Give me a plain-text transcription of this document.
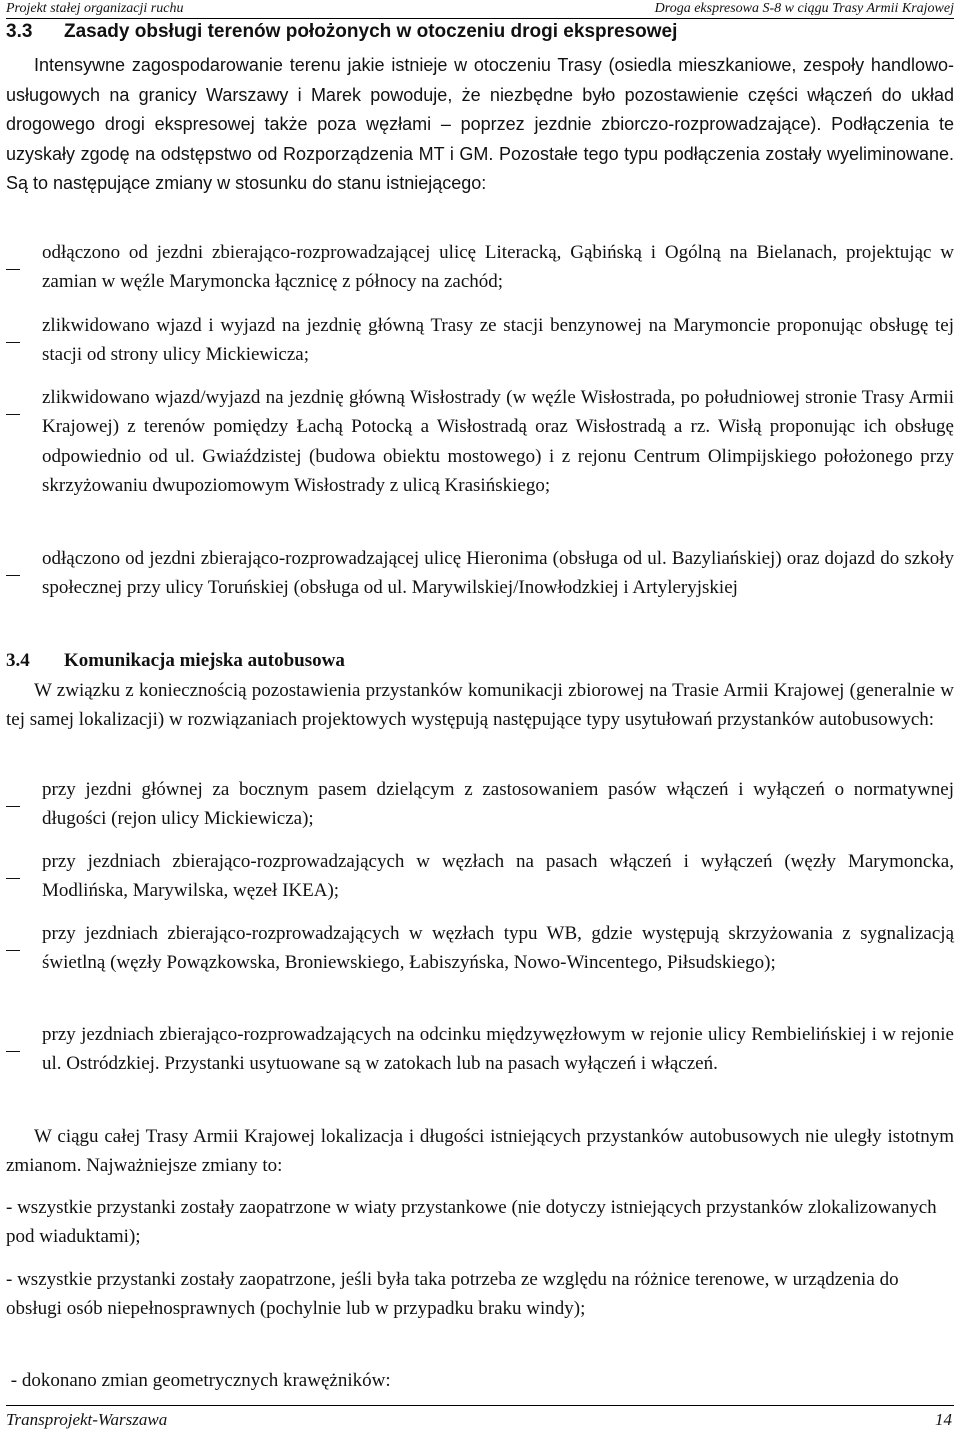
Projekt stałej organizacji ruchu	Droga ekspresowa S-8 w ciągu Trasy Armii Krajowej
3.3 Zasady obsługi terenów położonych w otoczeniu drogi ekspresowej
Intensywne zagospodarowanie terenu jakie istnieje w otoczeniu Trasy (osiedla mieszkaniowe, zespoły handlowo-usługowych na granicy Warszawy i Marek powoduje, że niezbędne było pozostawienie części włączeń do układ drogowego drogi ekspresowej także poza węzłami – poprzez jezdnie zbiorczo-rozprowadzające). Podłączenia te uzyskały zgodę na odstępstwo od Rozporządzenia MT i GM. Pozostałe tego typu podłączenia zostały wyeliminowane. Są to następujące zmiany w stosunku do stanu istniejącego:
odłączono od jezdni zbierająco-rozprowadzającej ulicę Literacką, Gąbińską i Ogólną na Bielanach, projektując w zamian w węźle Marymoncka łącznicę z północy na zachód;
zlikwidowano wjazd i wyjazd na jezdnię główną Trasy ze stacji benzynowej na Marymoncie proponując obsługę tej stacji od strony ulicy Mickiewicza;
zlikwidowano wjazd/wyjazd na jezdnię główną Wisłostrady (w węźle Wisłostrada, po południowej stronie Trasy Armii Krajowej) z terenów pomiędzy Łachą Potocką a Wisłostradą oraz Wisłostradą a rz. Wisłą proponując ich obsługę odpowiednio od ul. Gwiaździstej (budowa obiektu mostowego) i z rejonu Centrum Olimpijskiego położonego przy skrzyżowaniu dwupoziomowym Wisłostrady z ulicą Krasińskiego;
odłączono od jezdni zbierająco-rozprowadzającej ulicę Hieronima (obsługa od ul. Bazyliańskiej) oraz dojazd do szkoły społecznej przy ulicy Toruńskiej (obsługa od ul. Marywilskiej/Inowłodzkiej i Artyleryjskiej
3.4 Komunikacja miejska autobusowa
W związku z koniecznością pozostawienia przystanków komunikacji zbiorowej na Trasie Armii Krajowej (generalnie w tej samej lokalizacji) w rozwiązaniach projektowych występują następujące typy usytułowań przystanków autobusowych:
przy jezdni głównej za bocznym pasem dzielącym z zastosowaniem pasów włączeń i wyłączeń o normatywnej długości (rejon ulicy Mickiewicza);
przy jezdniach zbierająco-rozprowadzających w węzłach na pasach włączeń i wyłączeń (węzły Marymoncka, Modlińska, Marywilska, węzeł IKEA);
przy jezdniach zbierająco-rozprowadzających w węzłach typu WB, gdzie występują skrzyżowania z sygnalizacją świetlną (węzły Powązkowska, Broniewskiego, Łabiszyńska, Nowo-Wincentego, Piłsudskiego);
przy jezdniach zbierająco-rozprowadzających na odcinku międzywęzłowym w rejonie ulicy Rembielińskiej i w rejonie ul. Ostródzkiej. Przystanki usytuowane są w zatokach lub na pasach wyłączeń i włączeń.
W ciągu całej Trasy Armii Krajowej lokalizacja i długości istniejących przystanków autobusowych nie uległy istotnym zmianom. Najważniejsze zmiany to:
- wszystkie przystanki zostały zaopatrzone w wiaty przystankowe (nie dotyczy istniejących przystanków zlokalizowanych pod wiaduktami);
- wszystkie przystanki zostały zaopatrzone, jeśli była taka potrzeba ze względu na różnice terenowe, w urządzenia do obsługi osób niepełnosprawnych (pochylnie lub w przypadku braku windy);
- dokonano zmian geometrycznych krawężników:
Transprojekt-Warszawa	14
